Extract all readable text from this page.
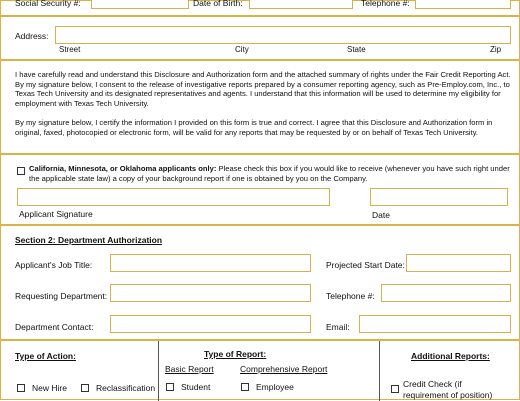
Social Security #:	Date of Birth:	Telephone #:
Address:
Street	City	State	Zip
I have carefully read and understand this Disclosure and Authorization form and the attached summary of rights under the Fair Credit Reporting Act. By my signature below, I consent to the release of investigative reports prepared by a consumer reporting agency, such as Pre-Employ.com, Inc., to Texas Tech University and its designated representatives and agents. I understand that this information will be used to determine my eligibility for employment with Texas Tech University.
By my signature below, I certify the information I provided on this form is true and correct. I agree that this Disclosure and Authorization form in original, faxed, photocopied or electronic form, will be valid for any reports that may be requested by or on behalf of Texas Tech University.
California, Minnesota, or Oklahoma applicants only: Please check this box if you would like to receive (whenever you have such right under the applicable state law) a copy of your background report if one is obtained by you on the Company.
Applicant Signature	Date
Section 2: Department Authorization
Applicant's Job Title:	Projected Start Date:
Requesting Department:	Telephone #:
Department Contact:	Email:
Type of Action:
New Hire	Reclassification
Type of Report:
Basic Report	Comprehensive Report
Student	Employee
Additional Reports:
Credit Check (if
requirement of position)
